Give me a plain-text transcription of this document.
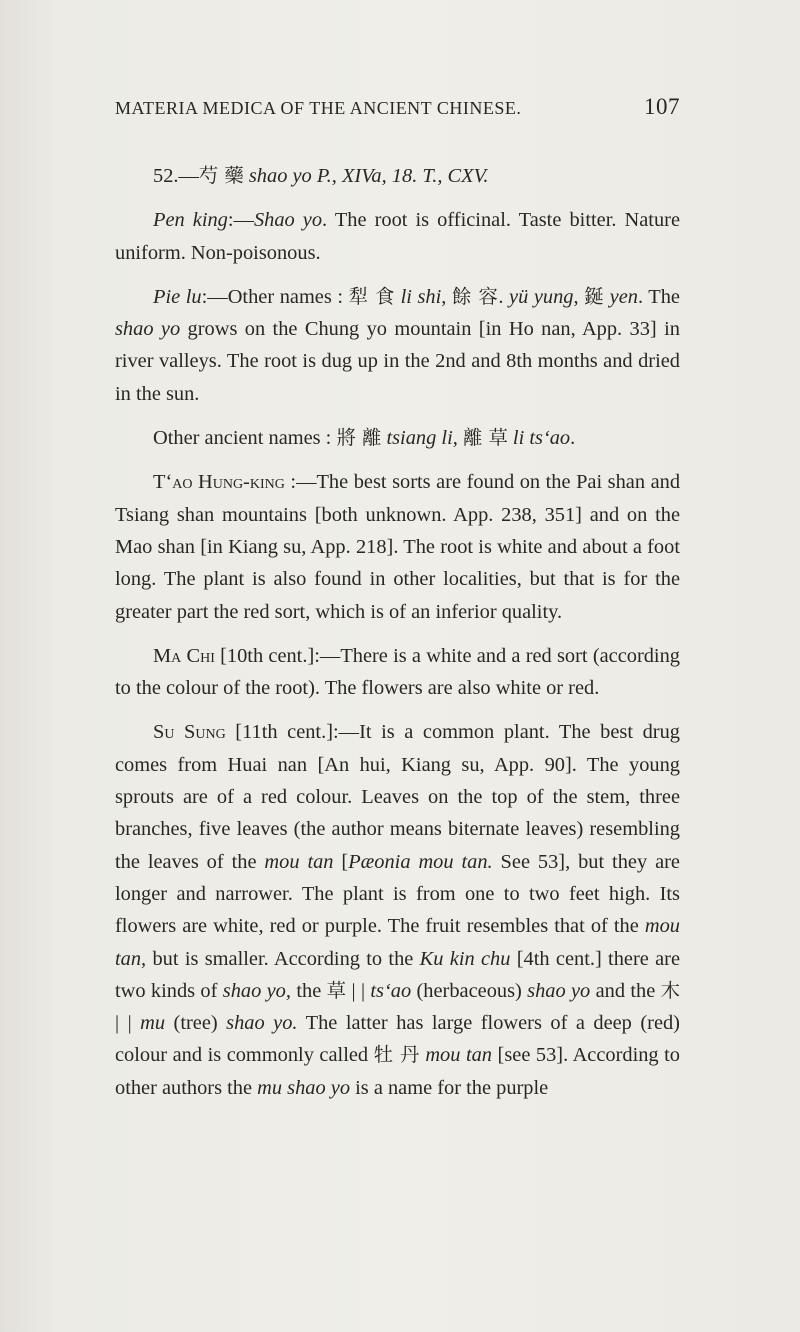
MATERIA MEDICA OF THE ANCIENT CHINESE.	107

52.—芍 藥 shao yo P., XIVa, 18. T., CXV.

Pen king:—Shao yo. The root is officinal. Taste bitter. Nature uniform. Non-poisonous.

Pie lu:—Other names : 犁 食 li shi, 餘 容. yü yung, 鋋 yen. The shao yo grows on the Chung yo mountain [in Ho nan, App. 33] in river valleys. The root is dug up in the 2nd and 8th months and dried in the sun.

Other ancient names : 將 離 tsiang li, 離 草 li ts‘ao.

T‘ao Hung-king :—The best sorts are found on the Pai shan and Tsiang shan mountains [both unknown. App. 238, 351] and on the Mao shan [in Kiang su, App. 218]. The root is white and about a foot long. The plant is also found in other localities, but that is for the greater part the red sort, which is of an inferior quality.

Ma Chi [10th cent.]:—There is a white and a red sort (according to the colour of the root). The flowers are also white or red.

Su Sung [11th cent.]:—It is a common plant. The best drug comes from Huai nan [An hui, Kiang su, App. 90]. The young sprouts are of a red colour. Leaves on the top of the stem, three branches, five leaves (the author means biternate leaves) resembling the leaves of the mou tan [Pæonia mou tan. See 53], but they are longer and narrower. The plant is from one to two feet high. Its flowers are white, red or purple. The fruit resembles that of the mou tan, but is smaller. According to the Ku kin chu [4th cent.] there are two kinds of shao yo, the 草 | | ts‘ao (herbaceous) shao yo and the 木 | | mu (tree) shao yo. The latter has large flowers of a deep (red) colour and is commonly called 牡 丹 mou tan [see 53]. According to other authors the mu shao yo is a name for the purple
